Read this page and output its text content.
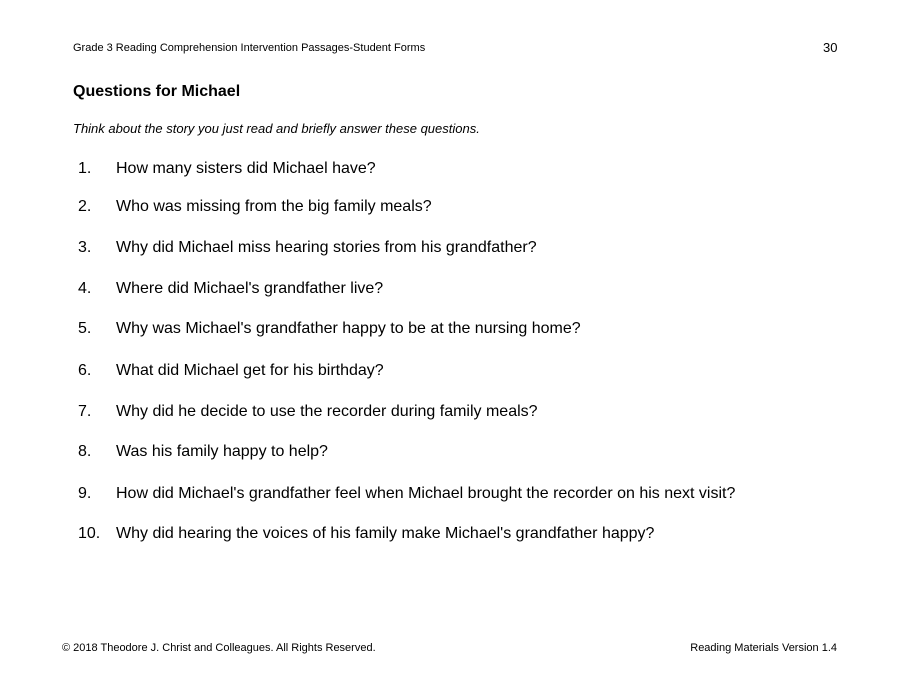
Grade 3 Reading Comprehension Intervention Passages-Student Forms	30
Questions for Michael
Think about the story you just read and briefly answer these questions.
1. How many sisters did Michael have?
2. Who was missing from the big family meals?
3. Why did Michael miss hearing stories from his grandfather?
4. Where did Michael's grandfather live?
5. Why was Michael's grandfather happy to be at the nursing home?
6. What did Michael get for his birthday?
7. Why did he decide to use the recorder during family meals?
8. Was his family happy to help?
9. How did Michael's grandfather feel when Michael brought the recorder on his next visit?
10. Why did hearing the voices of his family make Michael's grandfather happy?
© 2018 Theodore J. Christ and Colleagues. All Rights Reserved.	Reading Materials Version 1.4
